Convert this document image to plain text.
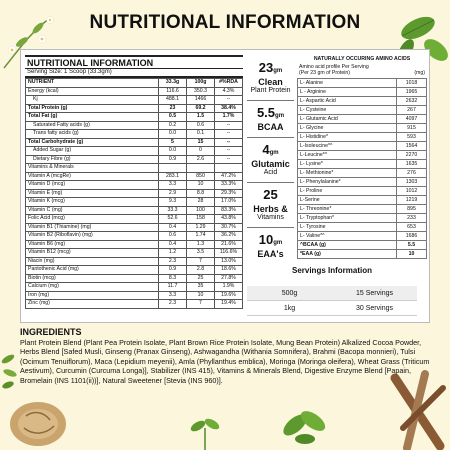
NUTRITIONAL INFORMATION
NUTRITIONAL INFORMATION
Serving Size: 1 Scoop (33.3gm)
NUTRIENT	33.3g	100g	#%RDA
Energy (kcal)	116.6	350.3	4.3%
Kj	488.1	1466	--
Total Protein (g)	23	69.2	38.4%
Total Fat (g)	0.5	1.5	1.7%
Saturated Fatty acids (g)	0.2	0.6	--
Trans fatty acids (g)	0.0	0.1	--
Total Carbohydrate (g)	5	15	--
Added Sugar (g)	0.0	0	--
Dietary Fibre (g)	0.9	2.6	--
Vitamins & Minerals			
Vitamin A (mcgRe)	283.1	850	47.2%
Vitamin D (mcg)	3.3	10	33.3%
Vitamin E (mg)	2.9	8.8	29.3%
Vitamin K (mcg)	9.3	28	17.0%
Vitamin C (mg)	33.3	100	83.3%
Folic Acid (mcg)	52.6	158	43.8%
Vitamin B1 (Thiamine) (mg)	0.4	1.29	30.7%
Vitamin B2 (Riboflavin) (mg)	0.6	1.74	36.2%
Vitamin B6 (mg)	0.4	1.3	21.6%
Vitamin B12 (mcg)	1.2	3.5	116.6%
Niacin (mg)	2.3	7	13.0%
Pantothenic Acid (mg)	0.9	2.8	18.6%
Biotin (mcg)	8.3	25	27.8%
Calcium (mg)	11.7	35	1.9%
Iron (mg)	3.3	10	19.6%
Zinc (mg)	2.3	7	19.4%
23gm
Clean
Plant Protein
5.5gm
BCAA
4gm
Glutamic
Acid
25
Herbs &
Vitamins
10gm
EAA's
NATURALLY OCCURING AMINO ACIDS
Amino acid profile Per Serving
(Per 23 gm of Protein)	(mg)
L- Alanine	1018
L - Arginine	1965
L- Aspartic Acid	2632
L- Cysteine	267
L- Glutamic Acid	4097
L- Glycine	915
L- Histidine*	593
L-Isoleucine*^	1564
L-Leucine*^	2270
L- Lysine*	1635
L- Methionine*	276
L- Phenylalanine*	1303
L- Proline	1012
L-Serine	1219
L- Threonine*	895
L- Tryptophan*	233
L- Tyrosine	653
L- Valine*^	1686
^BCAA (g)	5.5
*EAA (g)	10
Servings Information
500g	15 Servings
1kg	30 Servings
INGREDIENTS
Plant Protein Blend (Plant Pea Protein Isolate, Plant Brown Rice Protein Isolate, Mung Bean Protein) Alkalized Cocoa Powder, Herbs Blend [Safed Musli, Ginseng (Pranax Ginseng), Ashwagandha (Withania Somnifera), Brahmi (Bacopa monnieri), Tulsi (Ocimum Tenuiflorum), Maca (Lepidium meyenii), Amla (Phyllanthus emblica), Moringa (Moringa oleifera), Wheat Grass (Triticum Aestivum), Curcumin (Curcuma Longa)], Stabilizer (INS 415), Vitamins & Minerals Blend, Digestive Enzyme Blend [Papain, Bromelain (INS 1101(ii))], Natural Sweetener [Stevia (INS 960)].
